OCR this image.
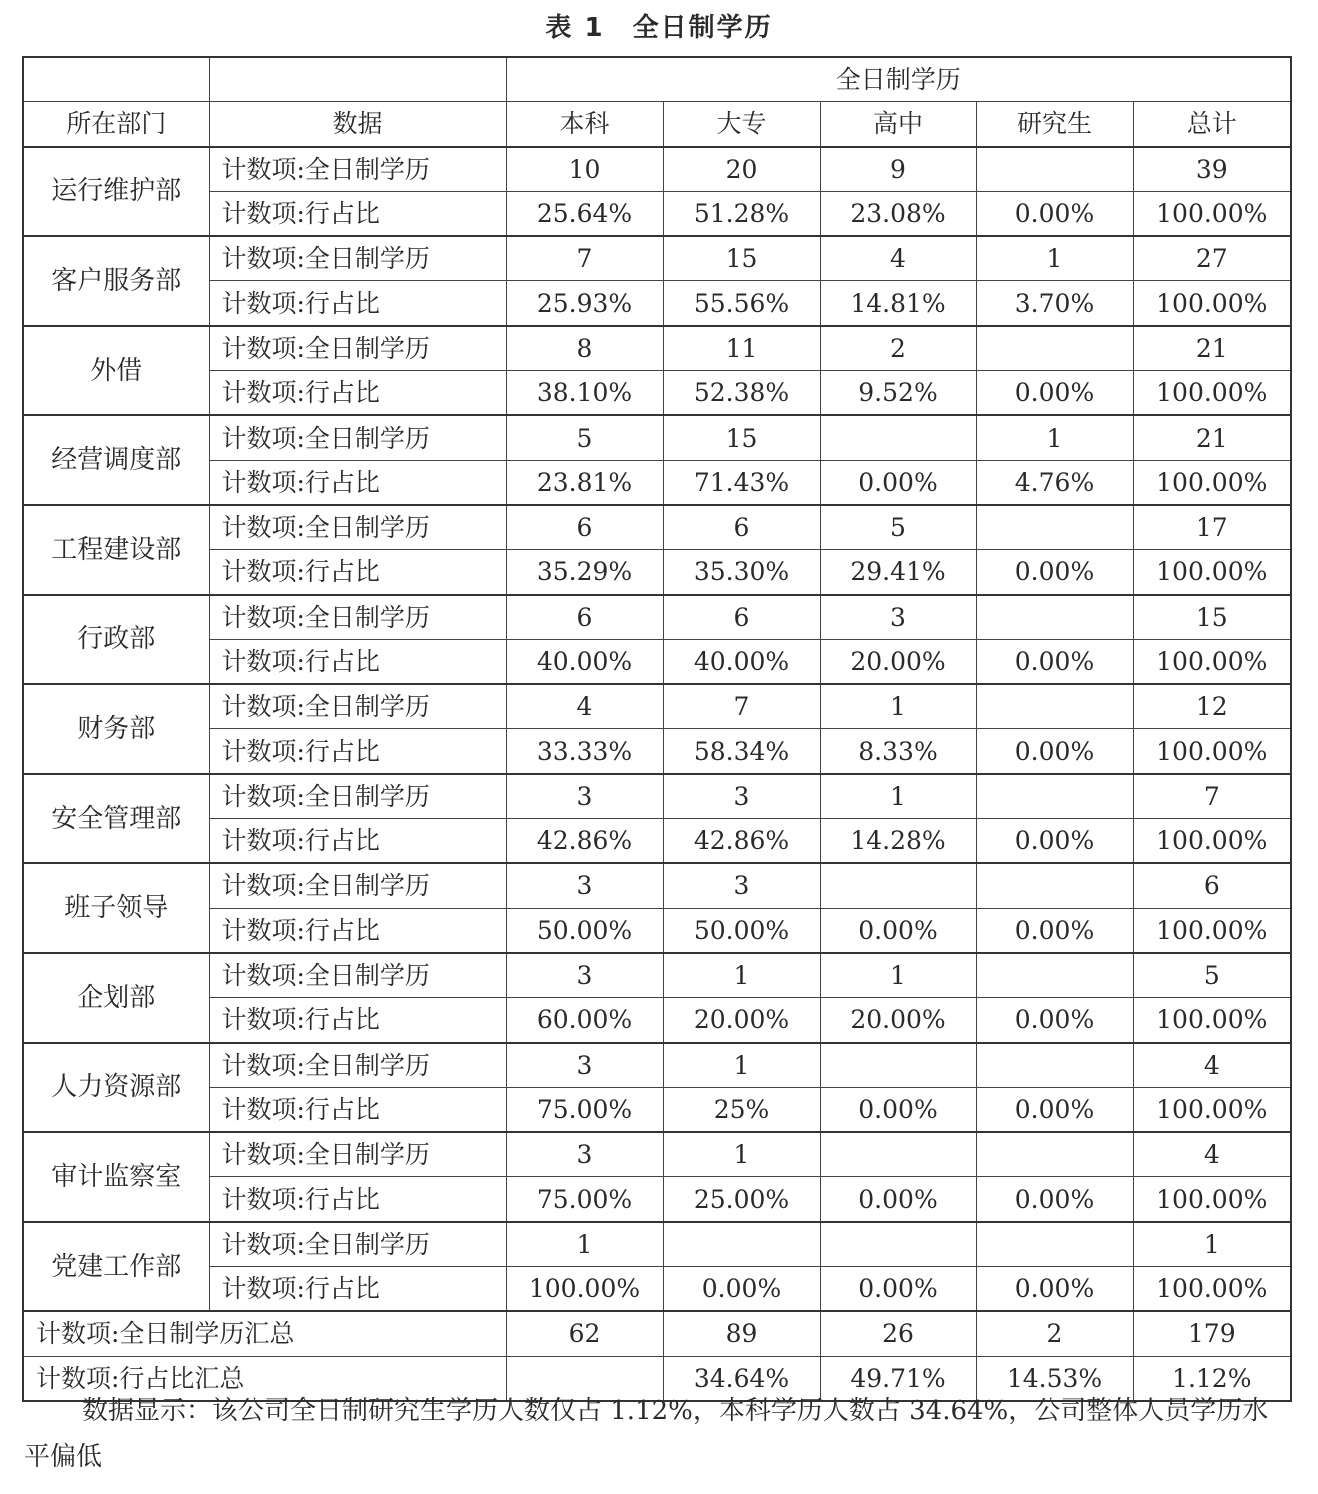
表 1　全日制学历
		全日制学历				
所在部门	数据	本科	大专	高中	研究生	总计
运行维护部	计数项:全日制学历	10	20	9		39
	计数项:行占比	25.64%	51.28%	23.08%	0.00%	100.00%
客户服务部	计数项:全日制学历	7	15	4	1	27
	计数项:行占比	25.93%	55.56%	14.81%	3.70%	100.00%
外借	计数项:全日制学历	8	11	2		21
	计数项:行占比	38.10%	52.38%	9.52%	0.00%	100.00%
经营调度部	计数项:全日制学历	5	15		1	21
	计数项:行占比	23.81%	71.43%	0.00%	4.76%	100.00%
工程建设部	计数项:全日制学历	6	6	5		17
	计数项:行占比	35.29%	35.30%	29.41%	0.00%	100.00%
行政部	计数项:全日制学历	6	6	3		15
	计数项:行占比	40.00%	40.00%	20.00%	0.00%	100.00%
财务部	计数项:全日制学历	4	7	1		12
	计数项:行占比	33.33%	58.34%	8.33%	0.00%	100.00%
安全管理部	计数项:全日制学历	3	3	1		7
	计数项:行占比	42.86%	42.86%	14.28%	0.00%	100.00%
班子领导	计数项:全日制学历	3	3			6
	计数项:行占比	50.00%	50.00%	0.00%	0.00%	100.00%
企划部	计数项:全日制学历	3	1	1		5
	计数项:行占比	60.00%	20.00%	20.00%	0.00%	100.00%
人力资源部	计数项:全日制学历	3	1			4
	计数项:行占比	75.00%	25%	0.00%	0.00%	100.00%
审计监察室	计数项:全日制学历	3	1			4
	计数项:行占比	75.00%	25.00%	0.00%	0.00%	100.00%
党建工作部	计数项:全日制学历	1				1
	计数项:行占比	100.00%	0.00%	0.00%	0.00%	100.00%
计数项:全日制学历汇总		62	89	26	2	179
计数项:行占比汇总			34.64%	49.71%	14.53%	1.12%
数据显示：该公司全日制研究生学历人数仅占 1.12%，本科学历人数占 34.64%，公司整体人员学历水平偏低
